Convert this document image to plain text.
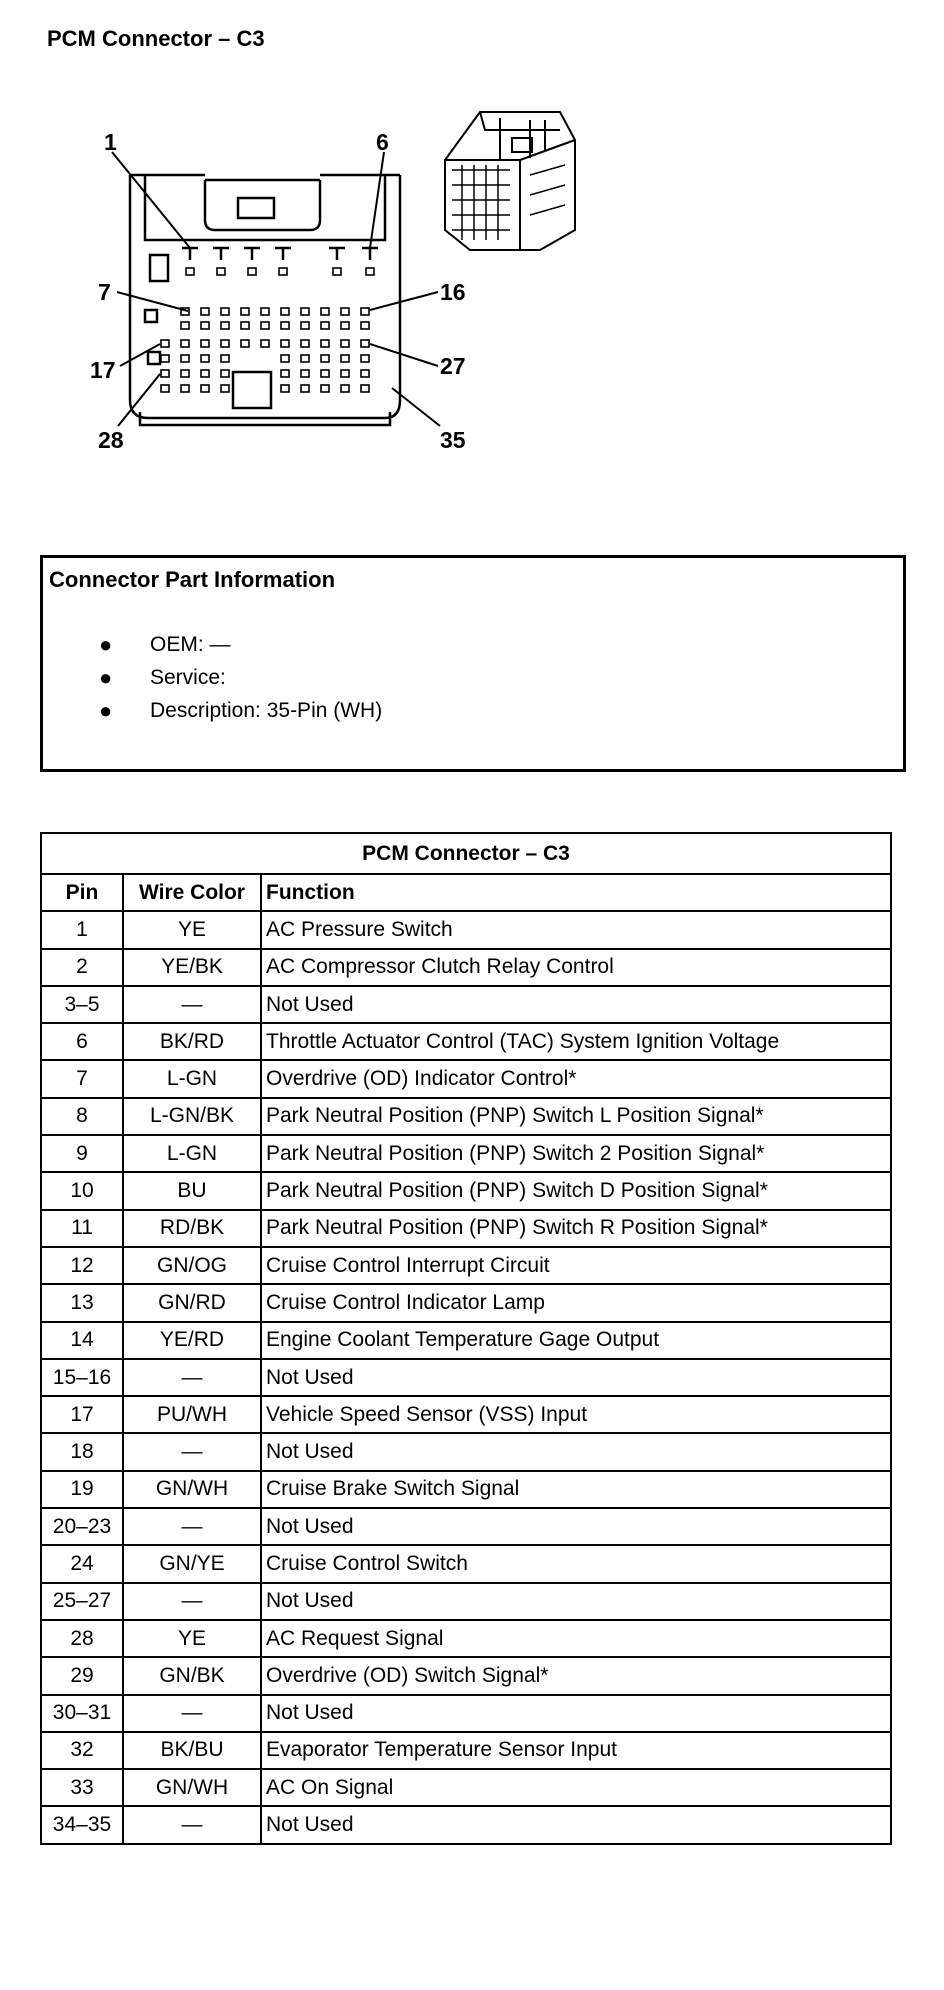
PCM Connector – C3
1	6
7	16
17	27
28	35
Connector Part Information
● OEM: —
● Service:
● Description: 35-Pin (WH)
PCM Connector – C3		
Pin	Wire Color	Function
1	YE	AC Pressure Switch
2	YE/BK	AC Compressor Clutch Relay Control
3–5	—	Not Used
6	BK/RD	Throttle Actuator Control (TAC) System Ignition Voltage
7	L-GN	Overdrive (OD) Indicator Control*
8	L-GN/BK	Park Neutral Position (PNP) Switch L Position Signal*
9	L-GN	Park Neutral Position (PNP) Switch 2 Position Signal*
10	BU	Park Neutral Position (PNP) Switch D Position Signal*
11	RD/BK	Park Neutral Position (PNP) Switch R Position Signal*
12	GN/OG	Cruise Control Interrupt Circuit
13	GN/RD	Cruise Control Indicator Lamp
14	YE/RD	Engine Coolant Temperature Gage Output
15–16	—	Not Used
17	PU/WH	Vehicle Speed Sensor (VSS) Input
18	—	Not Used
19	GN/WH	Cruise Brake Switch Signal
20–23	—	Not Used
24	GN/YE	Cruise Control Switch
25–27	—	Not Used
28	YE	AC Request Signal
29	GN/BK	Overdrive (OD) Switch Signal*
30–31	—	Not Used
32	BK/BU	Evaporator Temperature Sensor Input
33	GN/WH	AC On Signal
34–35	—	Not Used
